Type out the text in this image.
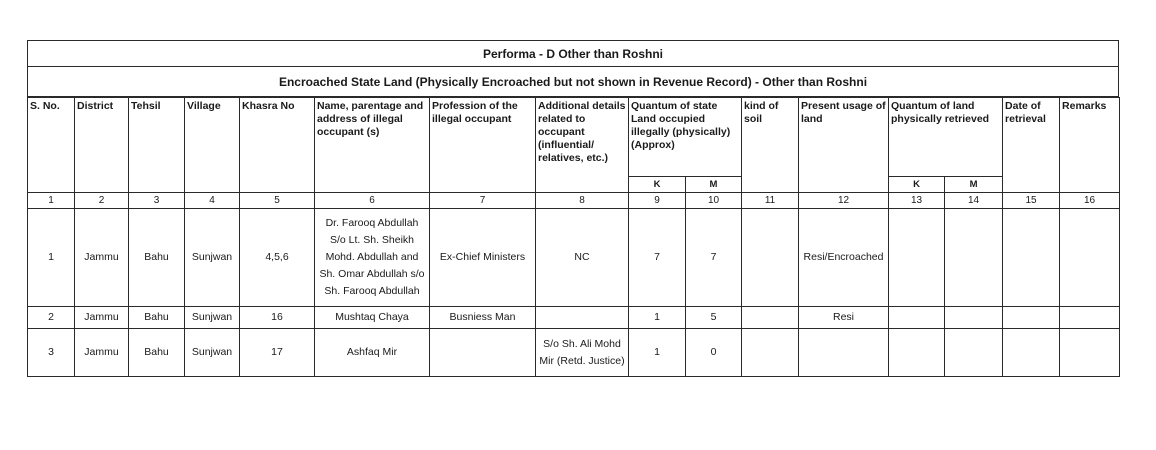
Performa - D Other than Roshni
Encroached State Land (Physically Encroached but not shown in Revenue Record) - Other than Roshni
S. No.	District	Tehsil	Village	Khasra No	Name, parentage and address of illegal occupant (s)	Profession of the illegal occupant	Additional details related to occupant (influential/ relatives, etc.)	Quantum of state Land occupied illegally (physically) (Approx)		kind of soil	Present usage of land	Quantum of land physically retrieved		Date of retrieval	Remarks
								K	M			K	M		
1	2	3	4	5	6	7	8	9	10	11	12	13	14	15	16
1	Jammu	Bahu	Sunjwan	4,5,6	Dr. Farooq Abdullah S/o Lt. Sh. Sheikh Mohd. Abdullah and Sh. Omar Abdullah s/o Sh. Farooq Abdullah	Ex-Chief Ministers	NC	7	7		Resi/Encroached				
2	Jammu	Bahu	Sunjwan	16	Mushtaq Chaya	Busniess Man		1	5		Resi				
3	Jammu	Bahu	Sunjwan	17	Ashfaq Mir		S/o Sh. Ali Mohd Mir (Retd. Justice)	1	0						
